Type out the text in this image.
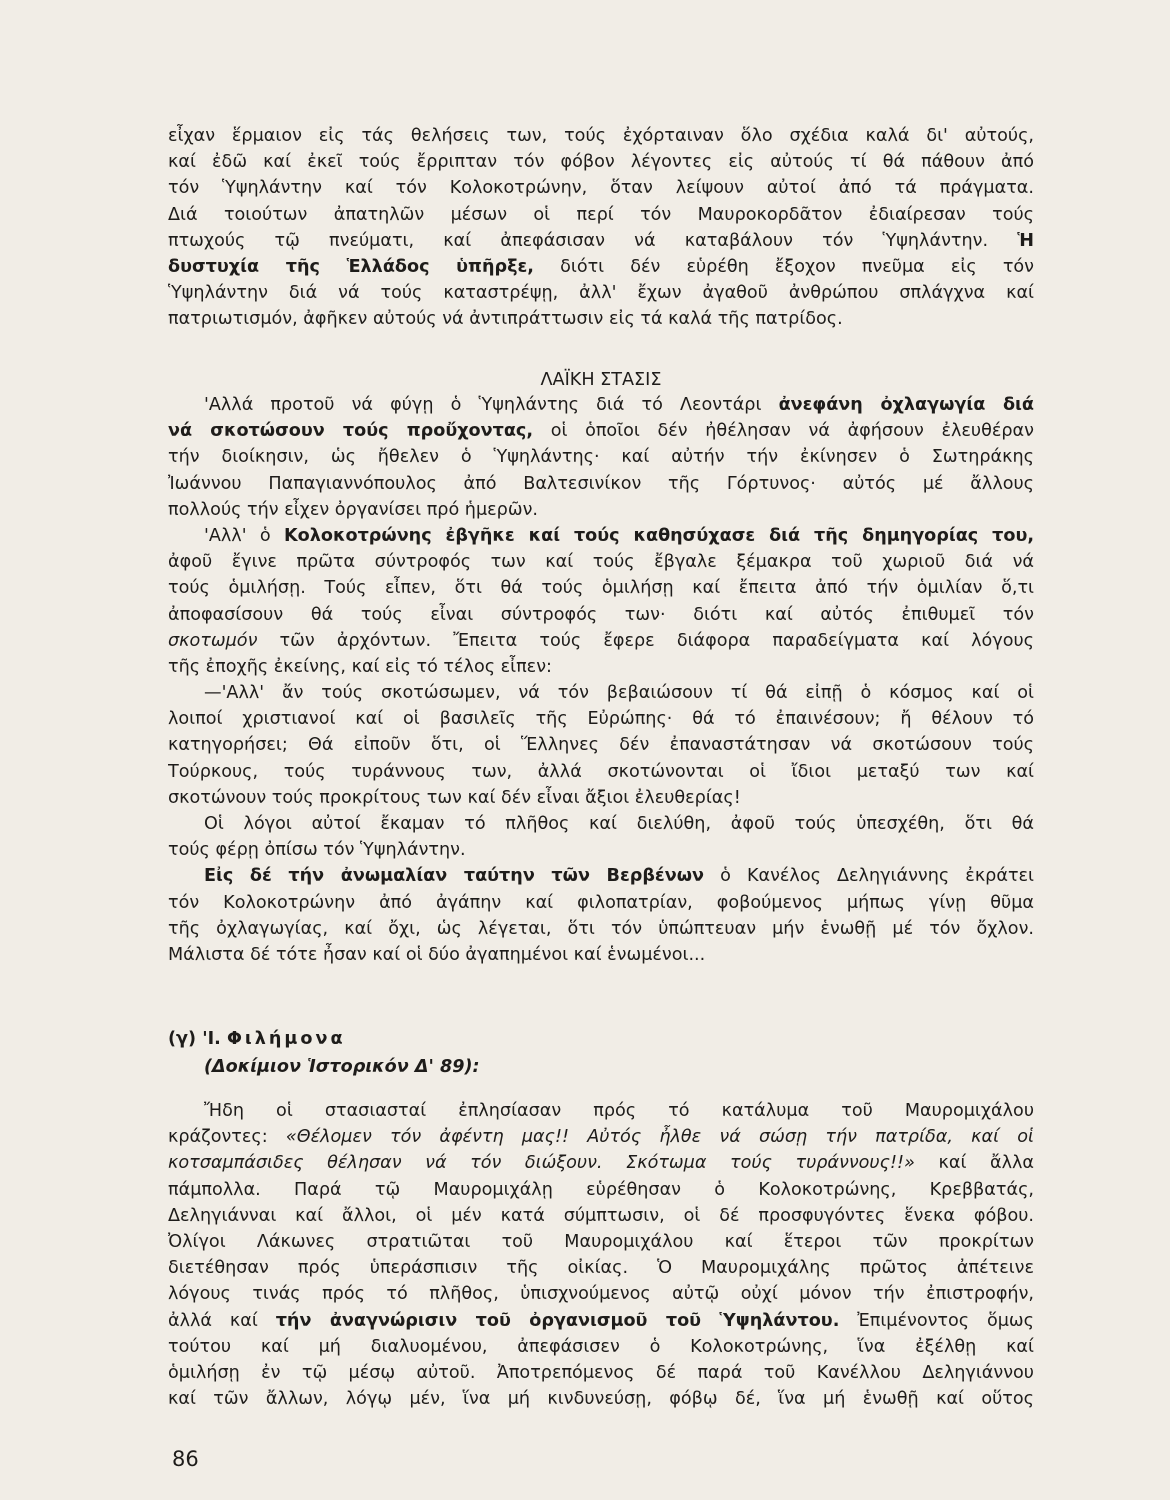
εἶχαν ἕρμαιον εἰς τάς θελήσεις των, τούς ἐχόρταιναν ὅλο σχέδια καλά δι' αὐτούς,
καί ἐδῶ καί ἐκεῖ τούς ἔρριπταν τόν φόβον λέγοντες εἰς αὐτούς τί θά πάθουν ἀπό
τόν Ὑψηλάντην καί τόν Κολοκοτρώνην, ὅταν λείψουν αὐτοί ἀπό τά πράγματα.
Διά τοιούτων ἀπατηλῶν μέσων οἱ περί τόν Μαυροκορδᾶτον ἐδιαίρεσαν τούς
πτωχούς τῷ πνεύματι, καί ἀπεφάσισαν νά καταβάλουν τόν Ὑψηλάντην. Ἡ
δυστυχία τῆς Ἑλλάδος ὑπῆρξε, διότι δέν εὑρέθη ἔξοχον πνεῦμα εἰς τόν
Ὑψηλάντην διά νά τούς καταστρέψῃ, ἀλλ' ἔχων ἀγαθοῦ ἀνθρώπου σπλάγχνα καί
πατριωτισμόν, ἀφῆκεν αὐτούς νά ἀντιπράττωσιν εἰς τά καλά τῆς πατρίδος.
ΛΑΪΚΗ ΣΤΑΣΙΣ
'Αλλά προτοῦ νά φύγῃ ὁ Ὑψηλάντης διά τό Λεοντάρι ἀνεφάνη ὀχλαγωγία διά
νά σκοτώσουν τούς προὔχοντας, οἱ ὁποῖοι δέν ἠθέλησαν νά ἀφήσουν ἐλευθέραν
τήν διοίκησιν, ὡς ἤθελεν ὁ Ὑψηλάντης· καί αὐτήν τήν ἐκίνησεν ὁ Σωτηράκης
Ἰωάννου Παπαγιαννόπουλος ἀπό Βαλτεσινίκον τῆς Γόρτυνος· αὐτός μέ ἄλλους
πολλούς τήν εἶχεν ὀργανίσει πρό ἡμερῶν.
'Αλλ' ὁ Κολοκοτρώνης ἐβγῆκε καί τούς καθησύχασε διά τῆς δημηγορίας του,
ἀφοῦ ἔγινε πρῶτα σύντροφός των καί τούς ἔβγαλε ξέμακρα τοῦ χωριοῦ διά νά
τούς ὁμιλήσῃ. Τούς εἶπεν, ὅτι θά τούς ὁμιλήσῃ καί ἔπειτα ἀπό τήν ὁμιλίαν ὅ,τι
ἀποφασίσουν θά τούς εἶναι σύντροφός των· διότι καί αὐτός ἐπιθυμεῖ τόν
σκοτωμόν τῶν ἀρχόντων. Ἔπειτα τούς ἔφερε διάφορα παραδείγματα καί λόγους
τῆς ἐποχῆς ἐκείνης, καί εἰς τό τέλος εἶπεν:
—'Αλλ' ἄν τούς σκοτώσωμεν, νά τόν βεβαιώσουν τί θά εἰπῇ ὁ κόσμος καί οἱ
λοιποί χριστιανοί καί οἱ βασιλεῖς τῆς Εὐρώπης· θά τό ἐπαινέσουν; ἤ θέλουν τό
κατηγορήσει; Θά εἰποῦν ὅτι, οἱ Ἕλληνες δέν ἐπαναστάτησαν νά σκοτώσουν τούς
Τούρκους, τούς τυράννους των, ἀλλά σκοτώνονται οἱ ἴδιοι μεταξύ των καί
σκοτώνουν τούς προκρίτους των καί δέν εἶναι ἄξιοι ἐλευθερίας!
Οἱ λόγοι αὐτοί ἔκαμαν τό πλῆθος καί διελύθη, ἀφοῦ τούς ὑπεσχέθη, ὅτι θά
τούς φέρῃ ὀπίσω τόν Ὑψηλάντην.
Εἰς δέ τήν ἀνωμαλίαν ταύτην τῶν Βερβένων ὁ Κανέλος Δεληγιάννης ἐκράτει
τόν Κολοκοτρώνην ἀπό ἀγάπην καί φιλοπατρίαν, φοβούμενος μήπως γίνῃ θῦμα
τῆς ὀχλαγωγίας, καί ὄχι, ὡς λέγεται, ὅτι τόν ὑπώπτευαν μήν ἑνωθῇ μέ τόν ὄχλον.
Μάλιστα δέ τότε ἦσαν καί οἱ δύο ἀγαπημένοι καί ἑνωμένοι...
(γ) 'Ι. Φιλήμονα
(Δοκίμιον Ἱστορικόν Δ' 89):
Ἤδη οἱ στασιασταί ἐπλησίασαν πρός τό κατάλυμα τοῦ Μαυρομιχάλου
κράζοντες: «Θέλομεν τόν ἀφέντη μας!! Αὐτός ἦλθε νά σώσῃ τήν πατρίδα, καί οἱ
κοτσαμπάσιδες θέλησαν νά τόν διώξουν. Σκότωμα τούς τυράννους!!» καί ἄλλα
πάμπολλα. Παρά τῷ Μαυρομιχάλῃ εὑρέθησαν ὁ Κολοκοτρώνης, Κρεββατάς,
Δεληγιάνναι καί ἄλλοι, οἱ μέν κατά σύμπτωσιν, οἱ δέ προσφυγόντες ἕνεκα φόβου.
Ὀλίγοι Λάκωνες στρατιῶται τοῦ Μαυρομιχάλου καί ἕτεροι τῶν προκρίτων
διετέθησαν πρός ὑπεράσπισιν τῆς οἰκίας. Ὁ Μαυρομιχάλης πρῶτος ἀπέτεινε
λόγους τινάς πρός τό πλῆθος, ὑπισχνούμενος αὐτῷ οὐχί μόνον τήν ἐπιστροφήν,
ἀλλά καί τήν ἀναγνώρισιν τοῦ ὀργανισμοῦ τοῦ Ὑψηλάντου. Ἐπιμένοντος ὅμως
τούτου καί μή διαλυομένου, ἀπεφάσισεν ὁ Κολοκοτρώνης, ἵνα ἐξέλθῃ καί
ὁμιλήσῃ ἐν τῷ μέσῳ αὐτοῦ. Ἀποτρεπόμενος δέ παρά τοῦ Κανέλλου Δεληγιάννου
καί τῶν ἄλλων, λόγῳ μέν, ἵνα μή κινδυνεύσῃ, φόβῳ δέ, ἵνα μή ἑνωθῇ καί οὕτος
86
